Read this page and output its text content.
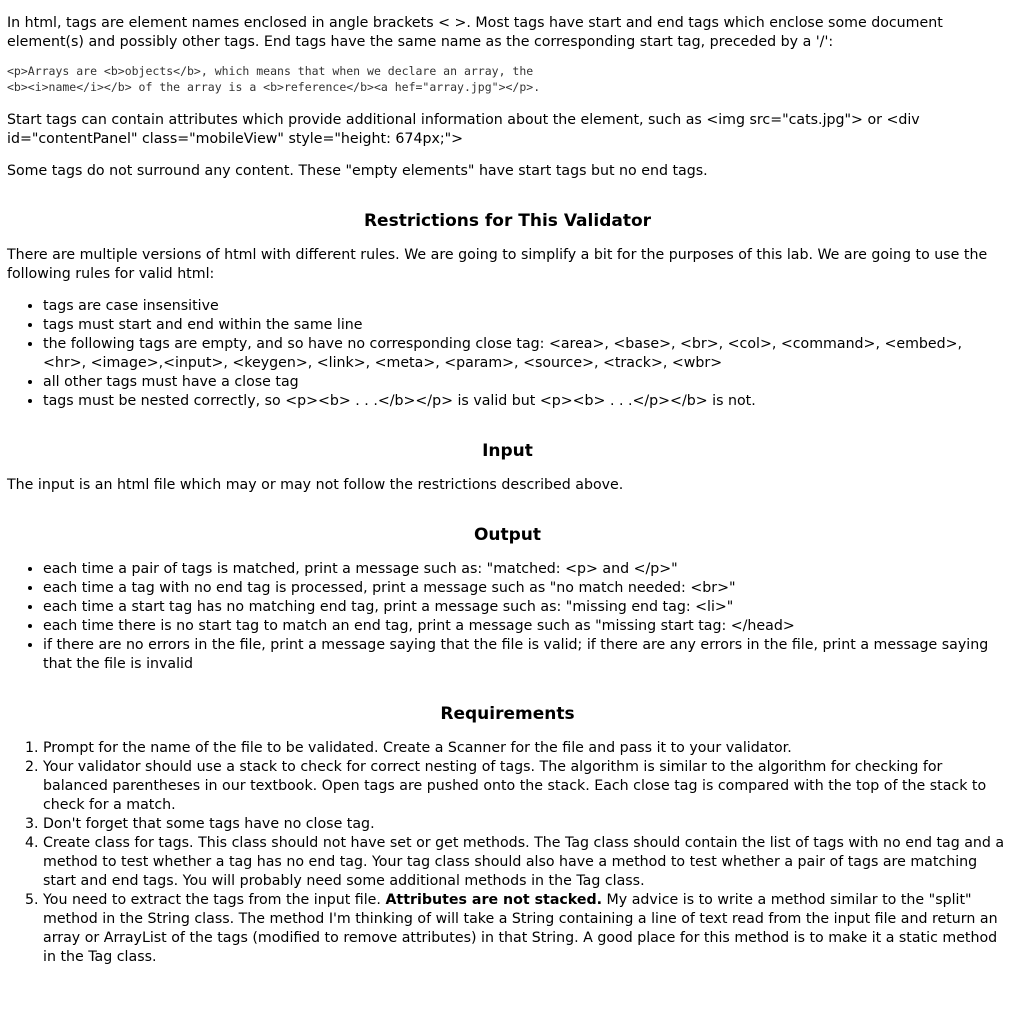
In html, tags are element names enclosed in angle brackets < >. Most tags have start and end tags which enclose some document element(s) and possibly other tags. End tags have the same name as the corresponding start tag, preceded by a '/':

<p>Arrays are <b>objects</b>, which means that when we declare an array, the
<b><i>name</i></b> of the array is a <b>reference</b><a hef="array.jpg"></p>.

Start tags can contain attributes which provide additional information about the element, such as <img src="cats.jpg"> or <div id="contentPanel" class="mobileView" style="height: 674px;">

Some tags do not surround any content. These "empty elements" have start tags but no end tags.

Restrictions for This Validator

There are multiple versions of html with different rules. We are going to simplify a bit for the purposes of this lab. We are going to use the following rules for valid html:

• tags are case insensitive
• tags must start and end within the same line
• the following tags are empty, and so have no corresponding close tag: <area>, <base>, <br>, <col>, <command>, <embed>, <hr>, <image>,<input>, <keygen>, <link>, <meta>, <param>, <source>, <track>, <wbr>
• all other tags must have a close tag
• tags must be nested correctly, so <p><b> . . .</b></p> is valid but <p><b> . . .</p></b> is not.
Input

The input is an html file which may or may not follow the restrictions described above.

Output
• each time a pair of tags is matched, print a message such as: "matched: <p> and </p>"
• each time a tag with no end tag is processed, print a message such as "no match needed: <br>"
• each time a start tag has no matching end tag, print a message such as: "missing end tag: <li>"
• each time there is no start tag to match an end tag, print a message such as "missing start tag: </head>
• if there are no errors in the file, print a message saying that the file is valid; if there are any errors in the file, print a message saying that the file is invalid
Requirements
1. Prompt for the name of the file to be validated. Create a Scanner for the file and pass it to your validator.
2. Your validator should use a stack to check for correct nesting of tags. The algorithm is similar to the algorithm for checking for balanced parentheses in our textbook. Open tags are pushed onto the stack. Each close tag is compared with the top of the stack to check for a match.
3. Don't forget that some tags have no close tag.
4. Create class for tags. This class should not have set or get methods. The Tag class should contain the list of tags with no end tag and a method to test whether a tag has no end tag. Your tag class should also have a method to test whether a pair of tags are matching start and end tags. You will probably need some additional methods in the Tag class.
5. You need to extract the tags from the input file. Attributes are not stacked. My advice is to write a method similar to the "split" method in the String class. The method I'm thinking of will take a String containing a line of text read from the input file and return an array or ArrayList of the tags (modified to remove attributes) in that String. A good place for this method is to make it a static method in the Tag class.
